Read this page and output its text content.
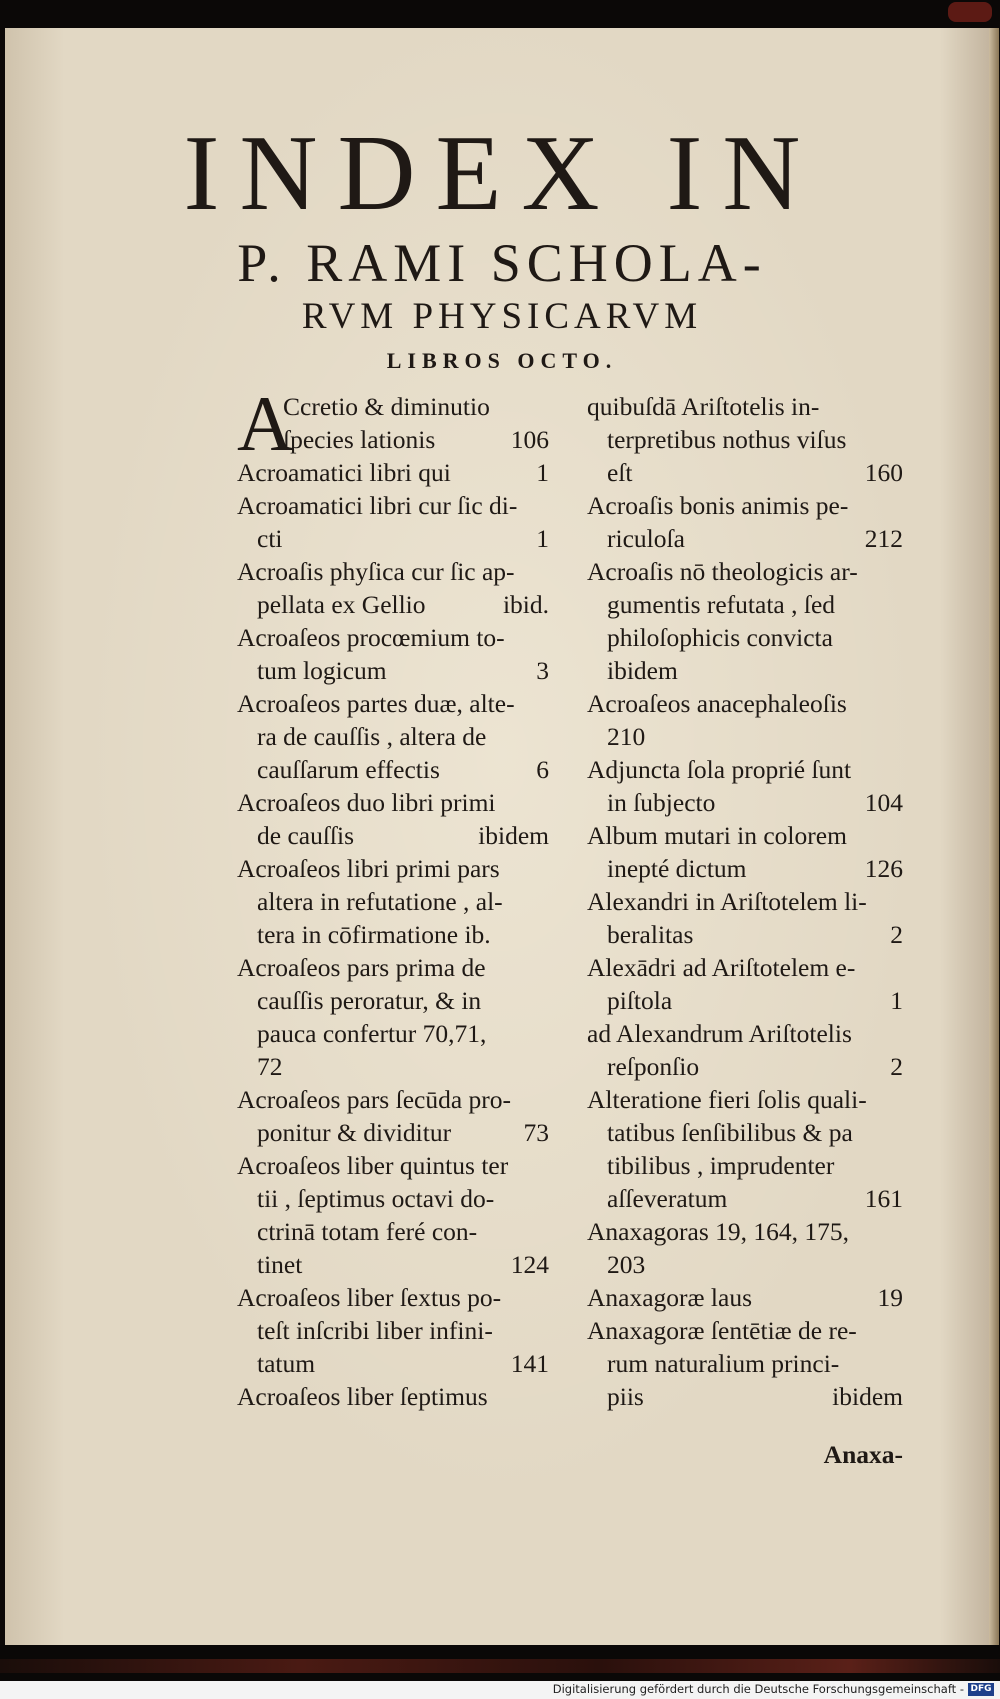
INDEX IN
P. RAMI SCHOLA-
RVM PHYSICARVM
LIBROS OCTO.
A
Ccretio & diminutio
ſpecies lationis	106
Acroamatici libri qui	1
Acroamatici libri cur ſic di-
cti	1
Acroaſis phyſica cur ſic ap-
pellata ex Gellio	ibid.
Acroaſeos procœmium to-
tum logicum	3
Acroaſeos partes duæ, alte-
ra de cauſſis , altera de
cauſſarum effectis	6
Acroaſeos duo libri primi
de cauſſis	ibidem
Acroaſeos libri primi pars
altera in refutatione , al-
tera in cōfirmatione ib.
Acroaſeos pars prima de
cauſſis peroratur, & in
pauca confertur 70,71,
72
Acroaſeos pars ſecūda pro-
ponitur & dividitur	73
Acroaſeos liber quintus ter
tii , ſeptimus octavi do-
ctrinā totam feré con-
tinet	124
Acroaſeos liber ſextus po-
teſt inſcribi liber infini-
tatum	141
Acroaſeos liber ſeptimus
quibuſdā Ariſtotelis in-
terpretibus nothus viſus
eſt	160
Acroaſis bonis animis pe-
riculoſa	212
Acroaſis nō theologicis ar-
gumentis refutata , ſed
philoſophicis convicta
ibidem
Acroaſeos anacephaleoſis
210
Adjuncta ſola proprié ſunt
in ſubjecto	104
Album mutari in colorem
inepté dictum	126
Alexandri in Ariſtotelem li-
beralitas	2
Alexādri ad Ariſtotelem e-
piſtola	1
ad Alexandrum Ariſtotelis
reſponſio	2
Alteratione fieri ſolis quali-
tatibus ſenſibilibus & pa
tibilibus , imprudenter
aſſeveratum	161
Anaxagoras 19, 164, 175,
203
Anaxagoræ laus	19
Anaxagoræ ſentētiæ de re-
rum naturalium princi-
piis	ibidem
Anaxa-
Digitalisierung gefördert durch die Deutsche Forschungsgemeinschaft - DFG
